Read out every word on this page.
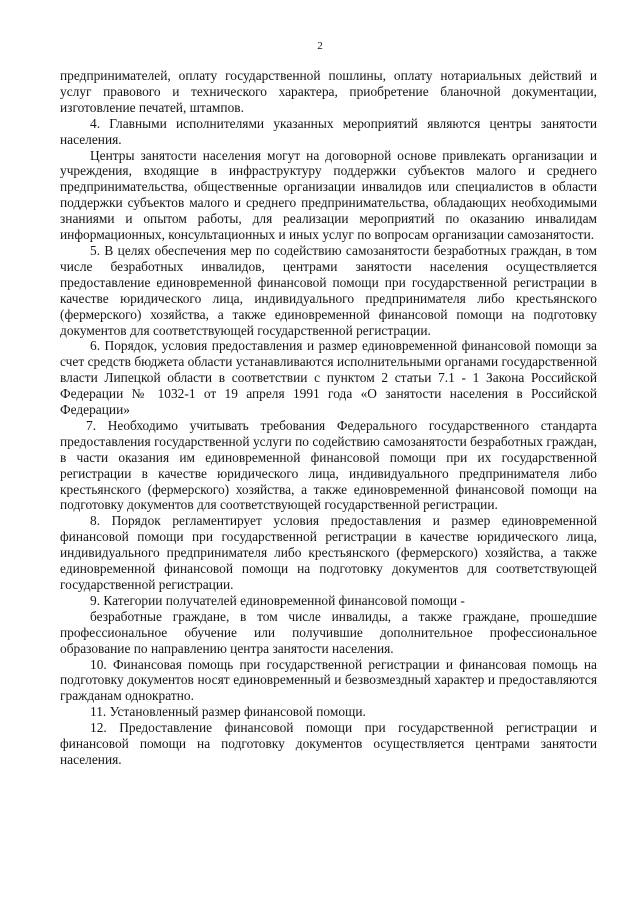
2

предпринимателей, оплату государственной пошлины, оплату нотариальных действий и услуг правового и технического характера, приобретение бланочной документации, изготовление печатей, штампов.

4. Главными исполнителями указанных мероприятий являются центры занятости населения.

Центры занятости населения могут на договорной основе привлекать организации и учреждения, входящие в инфраструктуру поддержки субъектов малого и среднего предпринимательства, общественные организации инвалидов или специалистов в области поддержки субъектов малого и среднего предпринимательства, обладающих необходимыми знаниями и опытом работы, для реализации мероприятий по оказанию инвалидам информационных, консультационных и иных услуг по вопросам организации самозанятости.

5. В целях обеспечения мер по содействию самозанятости безработных граждан, в том числе безработных инвалидов, центрами занятости населения осуществляется предоставление единовременной финансовой помощи при государственной регистрации в качестве юридического лица, индивидуального предпринимателя либо крестьянского (фермерского) хозяйства, а также единовременной финансовой помощи на подготовку документов для соответствующей государственной регистрации.

6. Порядок, условия предоставления и размер единовременной финансовой помощи за счет средств бюджета области устанавливаются исполнительными органами государственной власти Липецкой области в соответствии с пунктом 2 статьи 7.1 - 1 Закона Российской Федерации № 1032-1 от 19 апреля 1991 года «О занятости населения в Российской Федерации»

7. Необходимо учитывать требования Федерального государственного стандарта предоставления государственной услуги по содействию самозанятости безработных граждан, в части оказания им единовременной финансовой помощи при их государственной регистрации в качестве юридического лица, индивидуального предпринимателя либо крестьянского (фермерского) хозяйства, а также единовременной финансовой помощи на подготовку документов для соответствующей государственной регистрации.

8. Порядок регламентирует условия предоставления и размер единовременной финансовой помощи при государственной регистрации в качестве юридического лица, индивидуального предпринимателя либо крестьянского (фермерского) хозяйства, а также единовременной финансовой помощи на подготовку документов для соответствующей государственной регистрации.

9. Категории получателей единовременной финансовой помощи -

безработные граждане, в том числе инвалиды, а также граждане, прошедшие профессиональное обучение или получившие дополнительное профессиональное образование по направлению центра занятости населения.

10. Финансовая помощь при государственной регистрации и финансовая помощь на подготовку документов носят единовременный и безвозмездный характер и предоставляются гражданам однократно.

11. Установленный размер финансовой помощи.

12. Предоставление финансовой помощи при государственной регистрации и финансовой помощи на подготовку документов осуществляется центрами занятости населения.
